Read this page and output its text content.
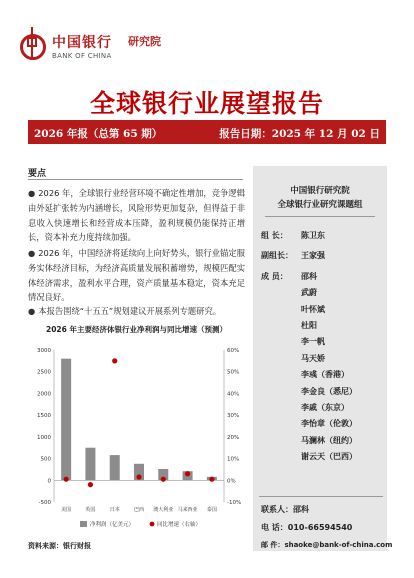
中国银行 研究院
BANK OF CHINA
全球银行业展望报告
2026 年报（总第 65 期）	报告日期：2025 年 12 月 02 日
要点
● 2026 年，全球银行业经营环境不确定性增加，竞争逻辑由外延扩张转为内涵增长，风险形势更加复杂，但得益于非息收入快速增长和经营成本压降，盈利规模仍能保持正增长，资本补充力度持续加强。
● 2026 年，中国经济将延续向上向好势头，银行业锚定服务实体经济目标，为经济高质量发展积蓄增势，规模匹配实体经济需求，盈利水平合理，资产质量基本稳定，资本充足情况良好。
● 本报告围绕“十五五”规划建议开展系列专题研究。
2026 年主要经济体银行业净利润与同比增速（预测）
-500
0
500
1000
1500
2000
2500
3000
-10%
0%
10%
20%
30%
40%
50%
60%
美国	英国	日本	巴西 澳大利亚 马来西亚 泰国
净利润（亿美元）	同比增速（右轴）
资料来源：银行财报
中国银行研究院
全球银行业研究课题组
组 长： 陈卫东
副组长： 王家强
成 员： 邵科
武蔚
叶怀斌
杜阳
李一帆
马天娇
李彧（香港）
李金良（悉尼）
李戚（东京）
李怡章（伦敦）
马澜林（纽约）
谢云天（巴西）
联系人：邵科
电 话：010-66594540
邮 件：shaoke@bank-of-china.com
